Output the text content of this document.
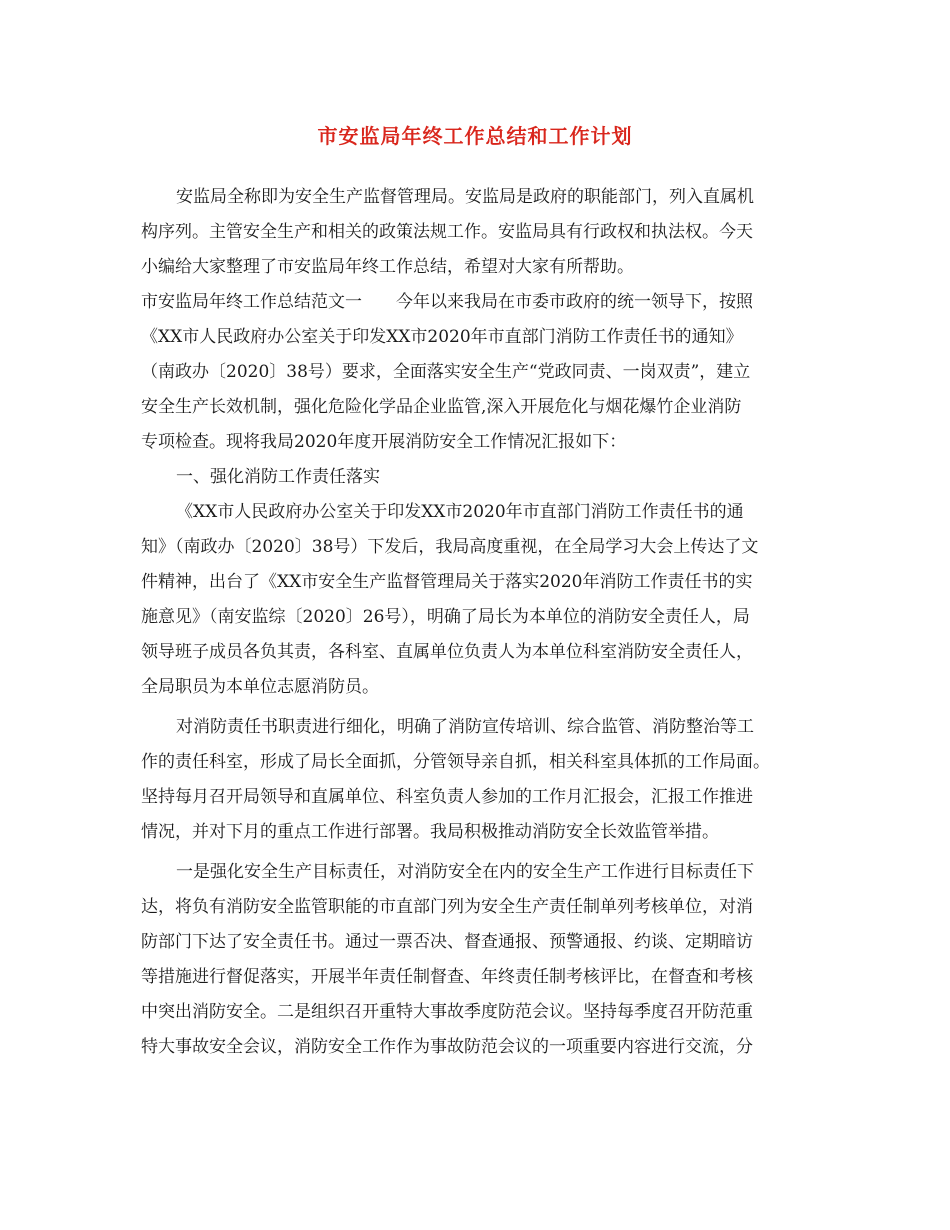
市安监局年终工作总结和工作计划
安监局全称即为安全生产监督管理局。安监局是政府的职能部门，列入直属机
构序列。主管安全生产和相关的政策法规工作。安监局具有行政权和执法权。今天
小编给大家整理了市安监局年终工作总结，希望对大家有所帮助。
市安监局年终工作总结范文一　　今年以来我局在市委市政府的统一领导下，按照
《XX市人民政府办公室关于印发XX市2020年市直部门消防工作责任书的通知》
（南政办〔2020〕38号）要求，全面落实安全生产“党政同责、一岗双责”，建立
安全生产长效机制，强化危险化学品企业监管,深入开展危化与烟花爆竹企业消防
专项检查。现将我局2020年度开展消防安全工作情况汇报如下：
一、强化消防工作责任落实
《XX市人民政府办公室关于印发XX市2020年市直部门消防工作责任书的通
知》（南政办〔2020〕38号）下发后，我局高度重视，在全局学习大会上传达了文
件精神，出台了《XX市安全生产监督管理局关于落实2020年消防工作责任书的实
施意见》（南安监综〔2020〕26号），明确了局长为本单位的消防安全责任人，局
领导班子成员各负其责，各科室、直属单位负责人为本单位科室消防安全责任人，
全局职员为本单位志愿消防员。
对消防责任书职责进行细化，明确了消防宣传培训、综合监管、消防整治等工
作的责任科室，形成了局长全面抓，分管领导亲自抓，相关科室具体抓的工作局面。
坚持每月召开局领导和直属单位、科室负责人参加的工作月汇报会，汇报工作推进
情况，并对下月的重点工作进行部署。我局积极推动消防安全长效监管举措。
一是强化安全生产目标责任，对消防安全在内的安全生产工作进行目标责任下
达，将负有消防安全监管职能的市直部门列为安全生产责任制单列考核单位，对消
防部门下达了安全责任书。通过一票否决、督查通报、预警通报、约谈、定期暗访
等措施进行督促落实，开展半年责任制督查、年终责任制考核评比，在督查和考核
中突出消防安全。二是组织召开重特大事故季度防范会议。坚持每季度召开防范重
特大事故安全会议，消防安全工作作为事故防范会议的一项重要内容进行交流，分
